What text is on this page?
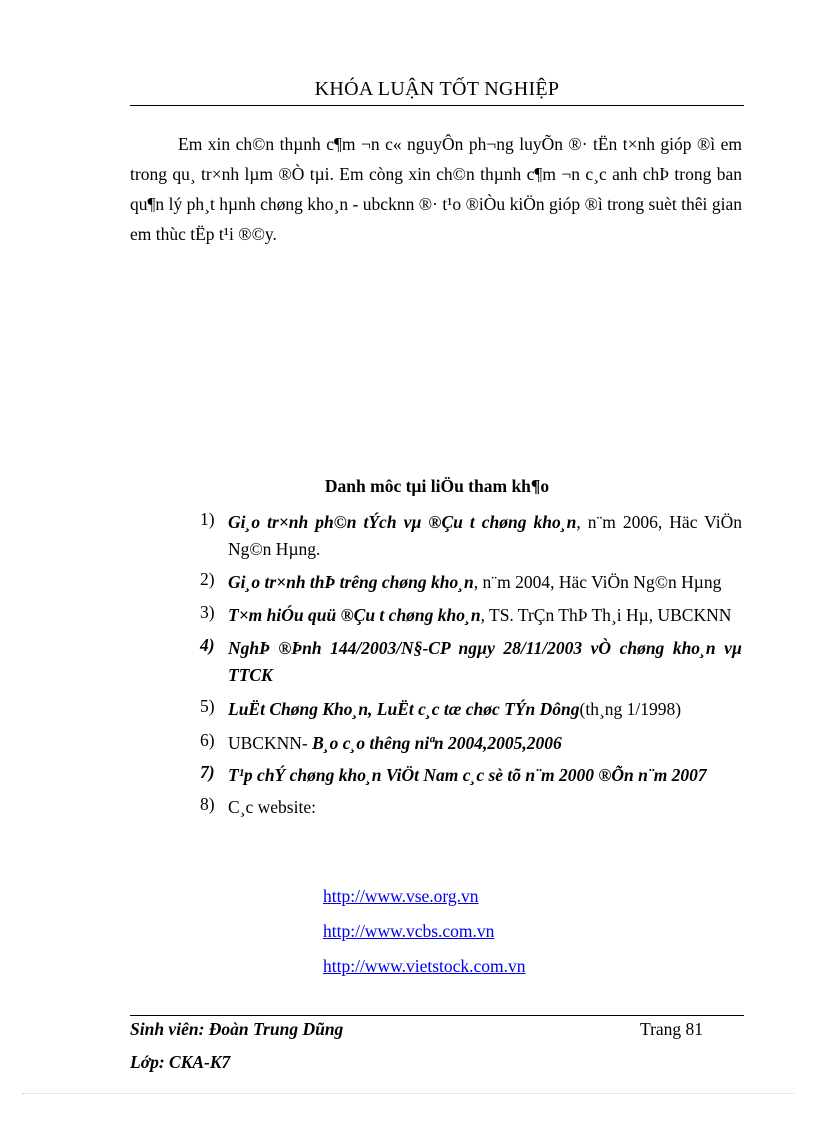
KHÓA LUẬN TỐT NGHIỆP

Em xin ch©n thµnh c¶m ¬n c« nguyÔn ph¬ng luyÕn ®· tËn t×nh gióp ®ì em trong qu¸ tr×nh lµm ®Ò tµi. Em còng xin ch©n thµnh c¶m ¬n c¸c anh chÞ trong ban qu¶n lý ph¸t hµnh chøng kho¸n - ubcknn ®· t¹o ®iÒu kiÖn gióp ®ì trong suèt thêi gian em thùc tËp t¹i ®©y.

Danh môc tµi liÖu tham kh¶o
1) Gi¸o tr×nh ph©n tÝch vµ ®Çu t chøng kho¸n, n¨m 2006, Häc ViÖn Ng©n Hµng.
2) Gi¸o tr×nh thÞ trêng chøng kho¸n, n¨m 2004, Häc ViÖn Ng©n Hµng
3) T×m hiÓu quü ®Çu t chøng kho¸n, TS. TrÇn ThÞ Th¸i Hµ, UBCKNN
4) NghÞ ®Þnh 144/2003/N§-CP ngµy 28/11/2003 vÒ chøng kho¸n vµ TTCK
5) LuËt Chøng Kho¸n, LuËt c¸c tæ chøc TÝn Dông(th¸ng 1/1998)
6) UBCKNN- B¸o c¸o thêng niªn 2004,2005,2006
7) T¹p chÝ chøng kho¸n ViÖt Nam c¸c sè tõ n¨m 2000 ®Õn n¨m 2007
8) C¸c website:
http://www.vse.org.vn
http://www.vcbs.com.vn
http://www.vietstock.com.vn
Sinh viên: Đoàn Trung Dũng	Trang 81
Lớp: CKA-K7
